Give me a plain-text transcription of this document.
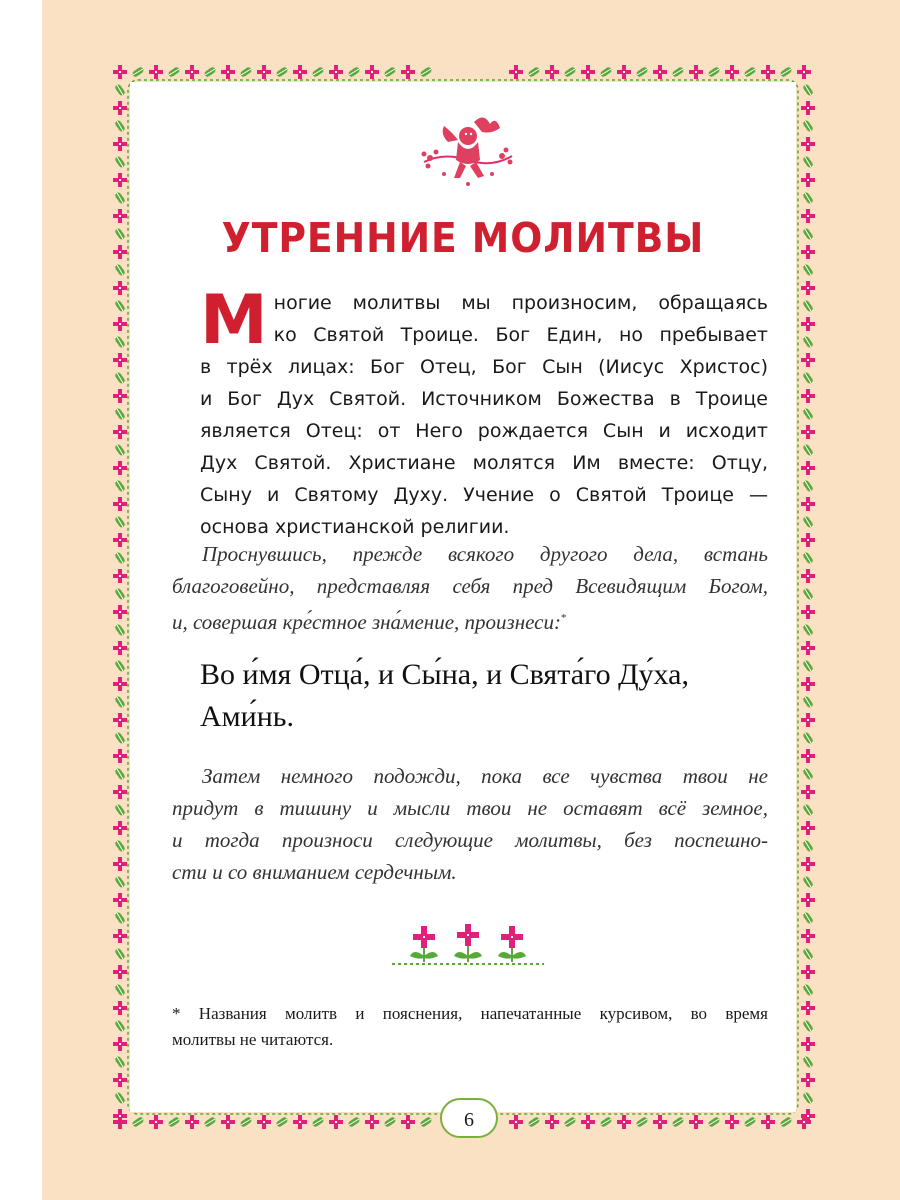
УТРЕННИЕ МОЛИТВЫ
М ногие молитвы мы произносим, обращаясь
ко Святой Троице. Бог Един, но пребывает
в трёх лицах: Бог Отец, Бог Сын (Иисус Христос)
и Бог Дух Святой. Источником Божества в Троице
является Отец: от Него рождается Сын и исходит
Дух Святой. Христиане молятся Им вместе: Отцу,
Сыну и Святому Духу. Учение о Святой Троице —
основа христианской религии.
Проснувшись, прежде всякого другого дела, встань
благоговейно, представляя себя пред Всевидящим Богом,
и, совершая кре́стное зна́мение, произнеси:*
Во и́мя Отца́, и Сы́на, и Свята́го Ду́ха,
Ами́нь.
Затем немного подожди, пока все чувства твои не
придут в тишину и мысли твои не оставят всё земное,
и тогда произноси следующие молитвы, без поспешно-
сти и со вниманием сердечным.
* Названия молитв и пояснения, напечатанные курсивом, во время
молитвы не читаются.
6
